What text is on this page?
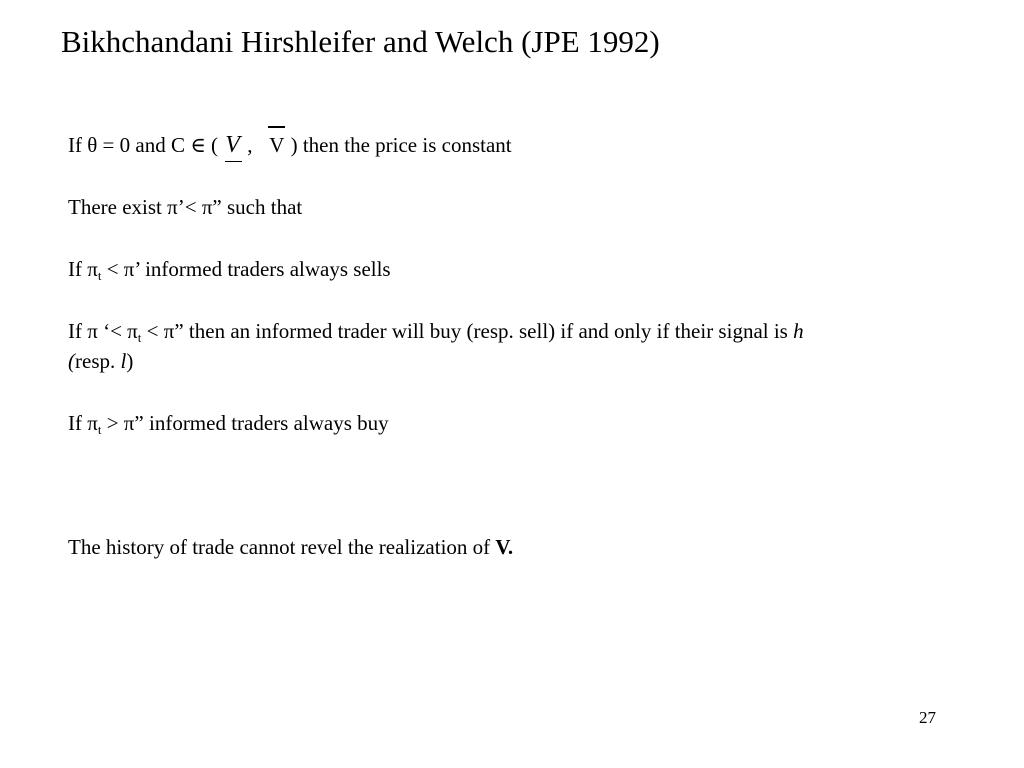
Bikhchandani Hirshleifer and Welch (JPE 1992)
If θ = 0 and C ∈ ( V , V ) then the price is constant
There exist π’< π” such that
If $\pi_t < \pi$’ informed traders always sells
If π ‘< $\pi_t < \pi$” then an informed trader will buy (resp. sell) if and only if their signal is h
(resp. l)
If $\pi_t > \pi$” informed traders always buy
The history of trade cannot revel the realization of V.
27
